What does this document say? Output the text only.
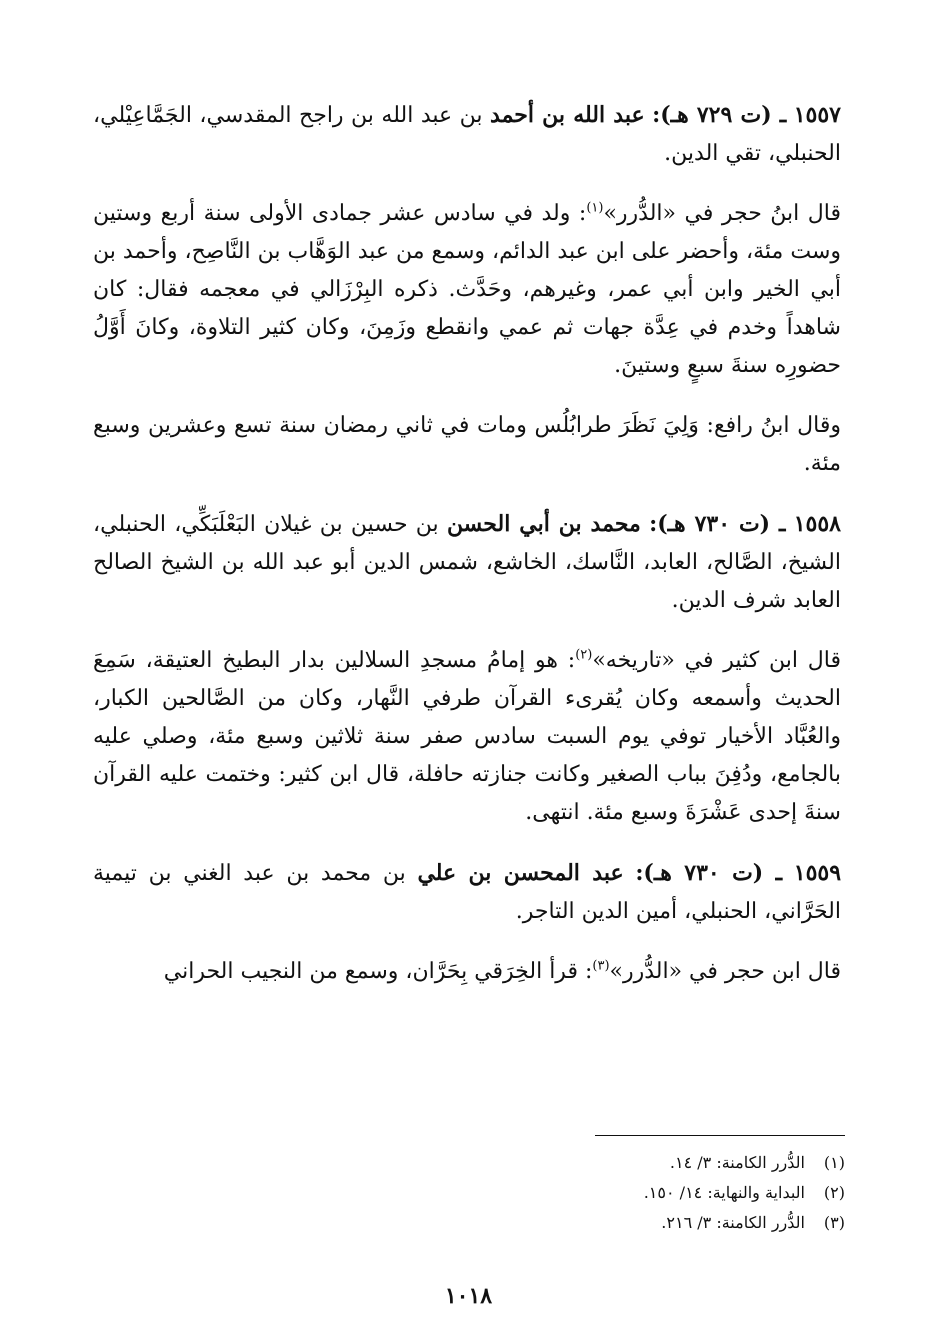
١٥٥٧ ـ (ت ٧٢٩ هـ): عبد الله بن أحمد بن عبد الله بن راجح المقدسي، الجَمَّاعِيْلي، الحنبلي، تقي الدين.

قال ابنُ حجر في «الدُّرر»$^{(١)}$: ولد في سادس عشر جمادى الأولى سنة أربع وستين وست مئة، وأحضر على ابن عبد الدائم، وسمع من عبد الوَهَّاب بن النَّاصِح، وأحمد بن أبي الخير وابن أبي عمر، وغيرهم، وحَدَّث. ذكره البِرْزَالي في معجمه فقال: كان شاهداً وخدم في عِدَّة جهات ثم عمي وانقطع وزَمِنَ، وكان كثير التلاوة، وكانَ أَوَّلُ حضورِه سنةَ سبعٍ وستينَ.

وقال ابنُ رافع: وَلِيَ نَظَرَ طرابُلُس ومات في ثاني رمضان سنة تسع وعشرين وسبع مئة.

١٥٥٨ ـ (ت ٧٣٠ هـ): محمد بن أبي الحسن بن حسين بن غيلان البَعْلَبَكِّي، الحنبلي، الشيخ، الصَّالح، العابد، النَّاسك، الخاشع، شمس الدين أبو عبد الله بن الشيخ الصالح العابد شرف الدين.

قال ابن كثير في «تاريخه»$^{(٢)}$: هو إمامُ مسجدِ السلالين بدار البطيخ العتيقة، سَمِعَ الحديث وأسمعه وكان يُقرىء القرآن طرفي النَّهار، وكان من الصَّالحين الكبار، والعُبَّاد الأخيار توفي يوم السبت سادس صفر سنة ثلاثين وسبع مئة، وصلي عليه بالجامع، ودُفِنَ بباب الصغير وكانت جنازته حافلة، قال ابن كثير: وختمت عليه القرآن سنةَ إحدى عَشْرَةَ وسبع مئة. انتهى.

١٥٥٩ ـ (ت ٧٣٠ هـ): عبد المحسن بن علي بن محمد بن عبد الغني بن تيمية الحَرَّاني، الحنبلي، أمين الدين التاجر.

قال ابن حجر في «الدُّرر»$^{(٣)}$: قرأ الخِرَقي بِحَرَّان، وسمع من النجيب الحراني

(١)الدُّرر الكامنة: ٣/ ١٤.
(٢)البداية والنهاية: ١٤/ ١٥٠.
(٣)الدُّرر الكامنة: ٣/ ٢١٦.
١٠١٨
